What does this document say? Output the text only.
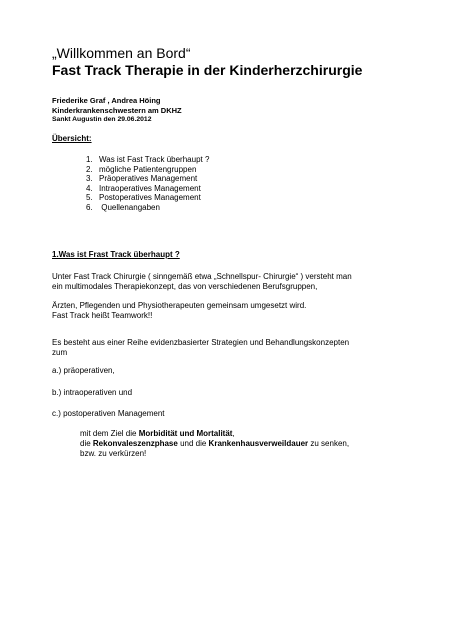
„Willkommen an Bord“
Fast Track Therapie in der Kinderherzchirurgie
Friederike Graf , Andrea Höing
Kinderkrankenschwestern am DKHZ
Sankt Augustin den 29.06.2012
Übersicht:
1. Was ist Fast Track überhaupt ?
2. mögliche Patientengruppen
3. Präoperatives Management
4. Intraoperatives Management
5. Postoperatives Management
6. Quellenangaben
1.Was ist Frast Track überhaupt ?
Unter Fast Track Chirurgie ( sinngemäß etwa „Schnellspur- Chirurgie“ ) versteht man
ein multimodales Therapiekonzept, das von verschiedenen Berufsgruppen,
Ärzten, Pflegenden und Physiotherapeuten gemeinsam umgesetzt wird.
Fast Track heißt Teamwork!!
Es besteht aus einer Reihe evidenzbasierter Strategien und Behandlungskonzepten
zum
a.) präoperativen,
b.) intraoperativen und
c.) postoperativen Management
mit dem Ziel die Morbidität und Mortalität,
die Rekonvaleszenzphase und die Krankenhausverweildauer zu senken,
bzw. zu verkürzen!
